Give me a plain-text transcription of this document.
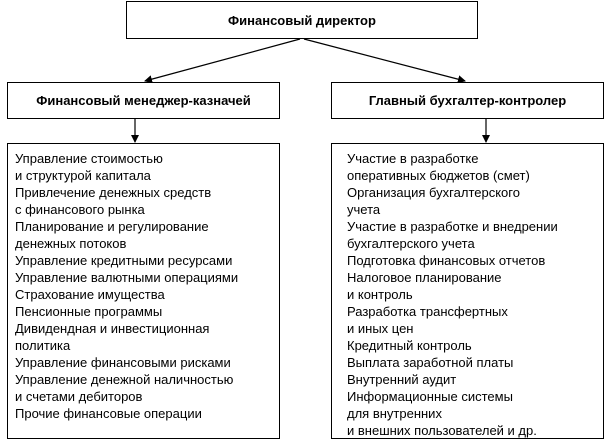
Финансовый директор
Финансовый менеджер-казначей	Главный бухгалтер-контролер
Управление стоимостью
и структурой капитала
Привлечение денежных средств
с финансового рынка
Планирование и регулирование
денежных потоков
Управление кредитными ресурсами
Управление валютными операциями
Страхование имущества
Пенсионные программы
Дивидендная и инвестиционная
политика
Управление финансовыми рисками
Управление денежной наличностью
и счетами дебиторов
Прочие финансовые операции
Участие в разработке
оперативных бюджетов (смет)
Организация бухгалтерского
учета
Участие в разработке и внедрении
бухгалтерского учета
Подготовка финансовых отчетов
Налоговое планирование
и контроль
Разработка трансфертных
и иных цен
Кредитный контроль
Выплата заработной платы
Внутренний аудит
Информационные системы
для внутренних
и внешних пользователей и др.
